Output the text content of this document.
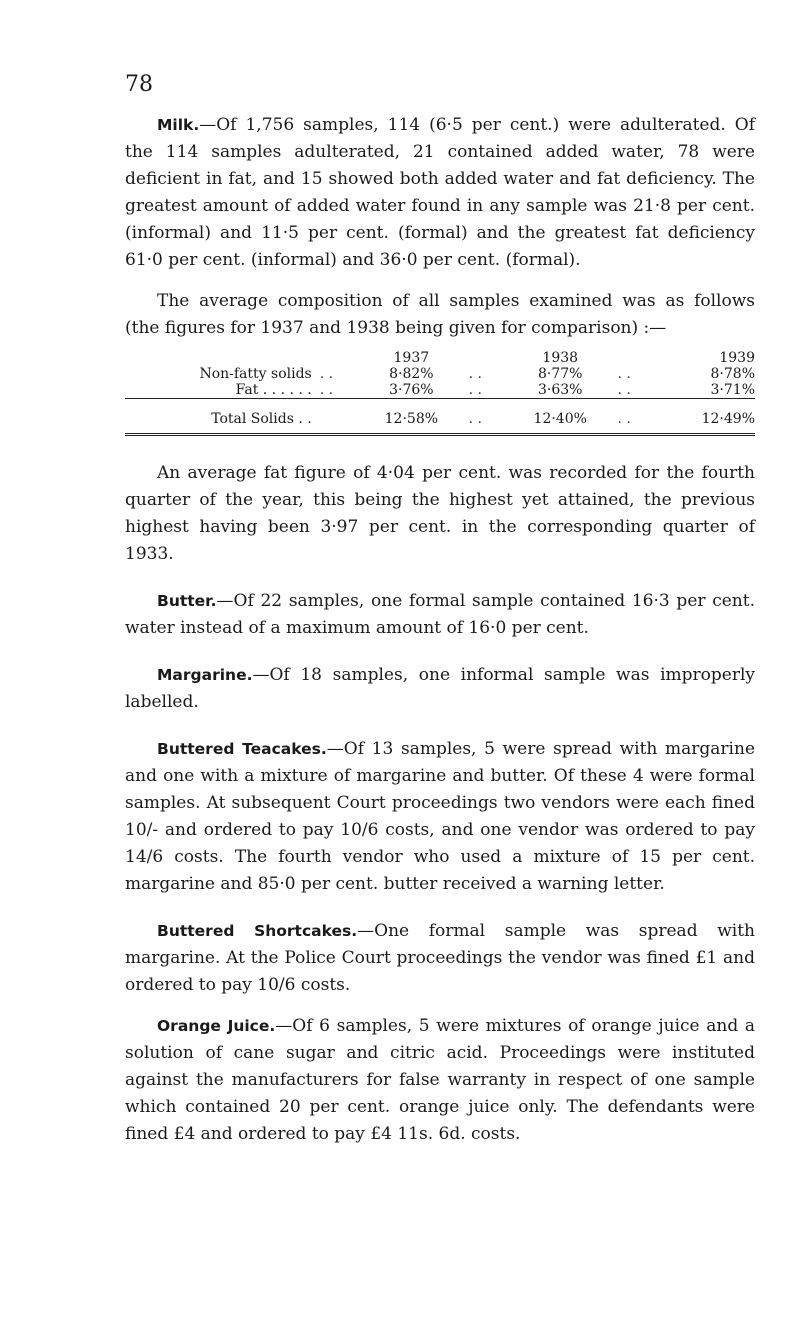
78

Milk.—Of 1,756 samples, 114 (6·5 per cent.) were adulterated. Of the 114 samples adulterated, 21 contained added water, 78 were deficient in fat, and 15 showed both added water and fat deficiency. The greatest amount of added water found in any sample was 21·8 per cent. (informal) and 11·5 per cent. (formal) and the greatest fat deficiency 61·0 per cent. (informal) and 36·0 per cent. (formal).

The average composition of all samples examined was as follows (the figures for 1937 and 1938 being given for comparison) :—

		1937		1938		1939
Non-fatty solids	. .	8·82%	. .	8·77%	. .	8·78%
Fat . . . . . .	. .	3·76%	. .	3·63%	. .	3·71%

Total Solids . .		12·58%	. .	12·40%	. .	12·49%

An average fat figure of 4·04 per cent. was recorded for the fourth quarter of the year, this being the highest yet attained, the previous highest having been 3·97 per cent. in the corresponding quarter of 1933.

Butter.—Of 22 samples, one formal sample contained 16·3 per cent. water instead of a maximum amount of 16·0 per cent.

Margarine.—Of 18 samples, one informal sample was improperly labelled.

Buttered Teacakes.—Of 13 samples, 5 were spread with margarine and one with a mixture of margarine and butter. Of these 4 were formal samples. At subsequent Court proceedings two vendors were each fined 10/- and ordered to pay 10/6 costs, and one vendor was ordered to pay 14/6 costs. The fourth vendor who used a mixture of 15 per cent. margarine and 85·0 per cent. butter received a warning letter.

Buttered Shortcakes.—One formal sample was spread with margarine. At the Police Court proceedings the vendor was fined £1 and ordered to pay 10/6 costs.

Orange Juice.—Of 6 samples, 5 were mixtures of orange juice and a solution of cane sugar and citric acid. Proceedings were instituted against the manufacturers for false warranty in respect of one sample which contained 20 per cent. orange juice only. The defendants were fined £4 and ordered to pay £4 11s. 6d. costs.
